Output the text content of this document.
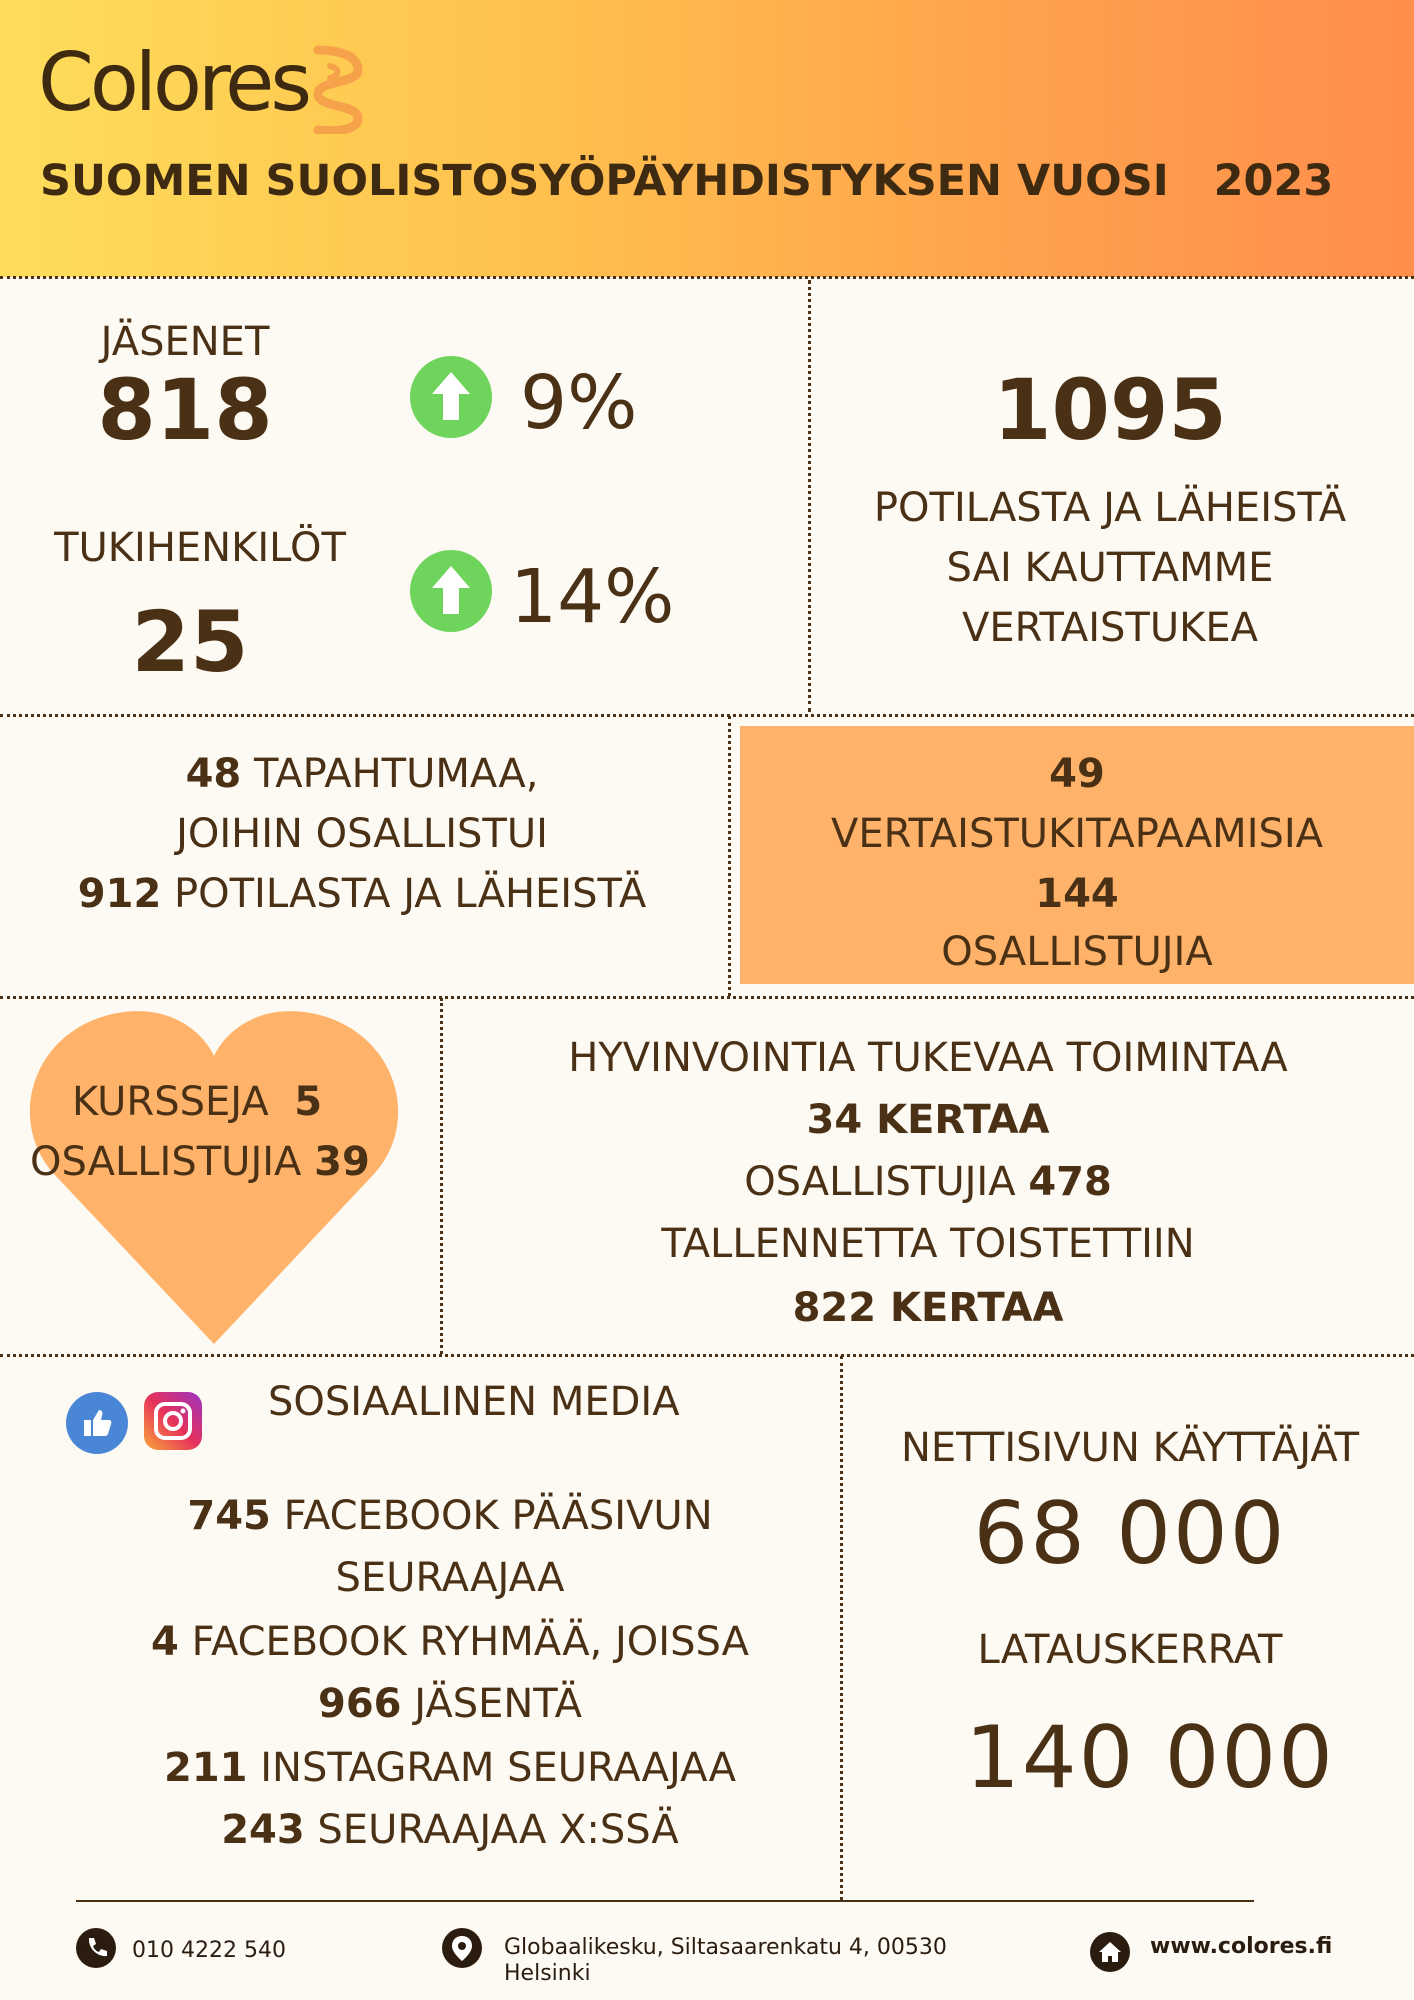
Colores
SUOMEN SUOLISTOSYÖPÄYHDISTYKSEN VUOSI   2023
JÄSENET
818	9%
TUKIHENKILÖT
25	14%
1095
POTILASTA JA LÄHEISTÄ
SAI KAUTTAMME
VERTAISTUKEA
48 TAPAHTUMAA,
JOIHIN OSALLISTUI
912 POTILASTA JA LÄHEISTÄ
49
VERTAISTUKITAPAAMISIA
144
OSALLISTUJIA
KURSSEJA 5
OSALLISTUJIA 39
HYVINVOINTIA TUKEVAA TOIMINTAA
34 KERTAA
OSALLISTUJIA 478
TALLENNETTA TOISTETTIIN
822 KERTAA
SOSIAALINEN MEDIA
745 FACEBOOK PÄÄSIVUN
SEURAAJAA
4 FACEBOOK RYHMÄÄ, JOISSA
966 JÄSENTÄ
211 INSTAGRAM SEURAAJAA
243 SEURAAJAA X:SSÄ
NETTISIVUN KÄYTTÄJÄT
68 000
LATAUSKERRAT
140 000
010 4222 540	Globaalikesku, Siltasaarenkatu 4, 00530
Helsinki
www.colores.fi
